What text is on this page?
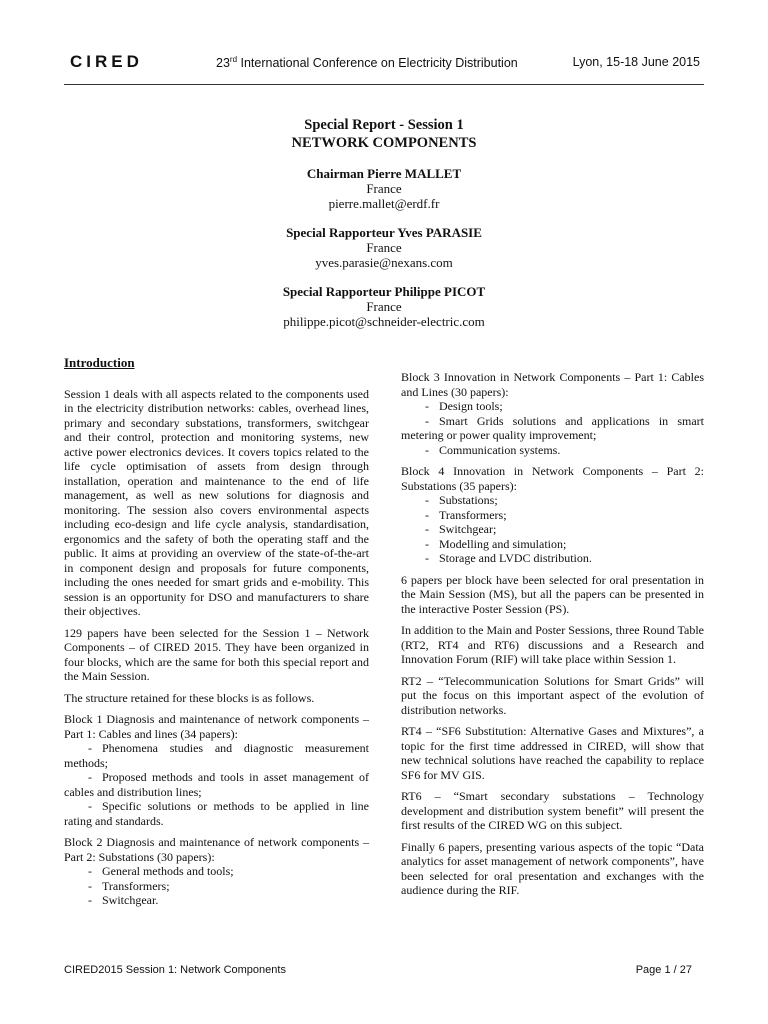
CIRED	23rd International Conference on Electricity Distribution	Lyon, 15-18 June 2015
Special Report - Session 1
NETWORK COMPONENTS
Chairman Pierre MALLET
France
pierre.mallet@erdf.fr
Special Rapporteur Yves PARASIE
France
yves.parasie@nexans.com
Special Rapporteur Philippe PICOT
France
philippe.picot@schneider-electric.com

Introduction

Session 1 deals with all aspects related to the components used in the electricity distribution networks: cables, overhead lines, primary and secondary substations, transformers, switchgear and their control, protection and monitoring systems, new active power electronics devices. It covers topics related to the life cycle optimisation of assets from design through installation, operation and maintenance to the end of life management, as well as new solutions for diagnosis and monitoring. The session also covers environmental aspects including eco-design and life cycle analysis, standardisation, ergonomics and the safety of both the operating staff and the public. It aims at providing an overview of the state-of-the-art in component design and proposals for future components, including the ones needed for smart grids and e-mobility. This session is an opportunity for DSO and manufacturers to share their objectives.

129 papers have been selected for the Session 1 – Network Components – of CIRED 2015. They have been organized in four blocks, which are the same for both this special report and the Main Session.

The structure retained for these blocks is as follows.

Block 1 Diagnosis and maintenance of network components – Part 1: Cables and lines (34 papers):

- Phenomena studies and diagnostic measurement methods;
- Proposed methods and tools in asset management of cables and distribution lines;
- Specific solutions or methods to be applied in line rating and standards.

Block 2 Diagnosis and maintenance of network components – Part 2: Substations (30 papers):

- General methods and tools;
- Transformers;
- Switchgear.

Block 3 Innovation in Network Components – Part 1: Cables and Lines (30 papers):

- Design tools;
- Smart Grids solutions and applications in smart metering or power quality improvement;
- Communication systems.

Block 4 Innovation in Network Components – Part 2: Substations (35 papers):

- Substations;
- Transformers;
- Switchgear;
- Modelling and simulation;
- Storage and LVDC distribution.

6 papers per block have been selected for oral presentation in the Main Session (MS), but all the papers can be presented in the interactive Poster Session (PS).

In addition to the Main and Poster Sessions, three Round Table (RT2, RT4 and RT6) discussions and a Research and Innovation Forum (RIF) will take place within Session 1.

RT2 – “Telecommunication Solutions for Smart Grids” will put the focus on this important aspect of the evolution of distribution networks.

RT4 – “SF6 Substitution: Alternative Gases and Mixtures”, a topic for the first time addressed in CIRED, will show that new technical solutions have reached the capability to replace SF6 for MV GIS.

RT6 – “Smart secondary substations – Technology development and distribution system benefit” will present the first results of the CIRED WG on this subject.

Finally 6 papers, presenting various aspects of the topic “Data analytics for asset management of network components”, have been selected for oral presentation and exchanges with the audience during the RIF.

CIRED2015 Session 1: Network Components	Page 1 / 27
